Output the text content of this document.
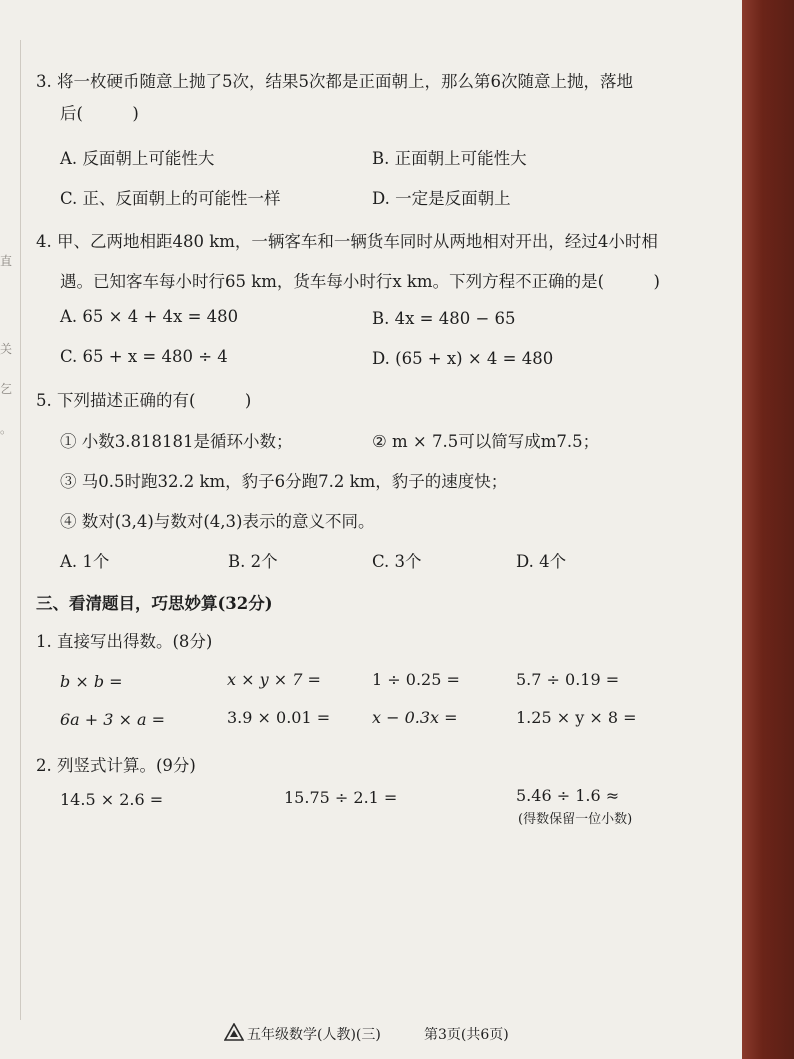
直
关
乞
。
3. 将一枚硬币随意上抛了5次，结果5次都是正面朝上，那么第6次随意上抛，落地
后(　　　)
A. 反面朝上可能性大	B. 正面朝上可能性大
C. 正、反面朝上的可能性一样	D. 一定是反面朝上
4. 甲、乙两地相距480 km，一辆客车和一辆货车同时从两地相对开出，经过4小时相
遇。已知客车每小时行65 km，货车每小时行x km。下列方程不正确的是(　　　)
A. 65 × 4 + 4x = 480	B. 4x = 480 − 65
C. 65 + x = 480 ÷ 4	D. (65 + x) × 4 = 480
5. 下列描述正确的有(　　　)
① 小数3.818181是循环小数；	② m × 7.5可以简写成m7.5；
③ 马0.5时跑32.2 km，豹子6分跑7.2 km，豹子的速度快；
④ 数对(3,4)与数对(4,3)表示的意义不同。
A. 1个	B. 2个	C. 3个	D. 4个
三、看清题目，巧思妙算(32分)
1. 直接写出得数。(8分)
b × b =	x × y × 7 =	1 ÷ 0.25 =	5.7 ÷ 0.19 =
6a + 3 × a =	3.9 × 0.01 =	x − 0.3x =	1.25 × y × 8 =
2. 列竖式计算。(9分)
14.5 × 2.6 =	15.75 ÷ 2.1 =	5.46 ÷ 1.6 ≈
(得数保留一位小数)
五年级数学(人教)(三)	第3页(共6页)
